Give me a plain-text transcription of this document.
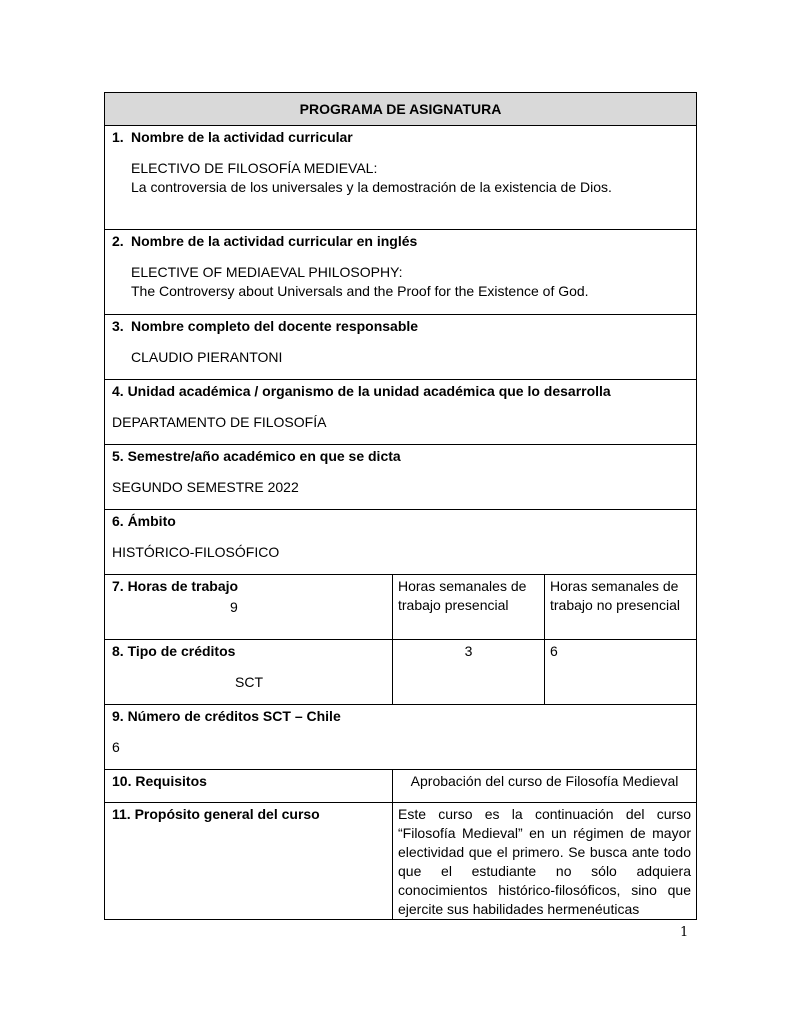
PROGRAMA DE ASIGNATURA		

1. Nombre de la actividad curricular
ELECTIVO DE FILOSOFÍA MEDIEVAL:
La controversia de los universales y la demostración de la existencia de Dios.		

2. Nombre de la actividad curricular en inglés
ELECTIVE OF MEDIAEVAL PHILOSOPHY:
The Controversy about Universals and the Proof for the Existence of God.		

3. Nombre completo del docente responsable
CLAUDIO PIERANTONI		

4. Unidad académica / organismo de la unidad académica que lo desarrolla
DEPARTAMENTO DE FILOSOFÍA		

5. Semestre/año académico en que se dicta
SEGUNDO SEMESTRE 2022		

6. Ámbito
HISTÓRICO-FILOSÓFICO		

7. Horas de trabajo
9	Horas semanales de trabajo presencial	Horas semanales de trabajo no presencial

8. Tipo de créditos
SCT	3	6

9. Número de créditos SCT – Chile
6		

10. Requisitos	Aprobación del curso de Filosofía Medieval	
11. Propósito general del curso	Este curso es la continuación del curso “Filosofía Medieval” en un régimen de mayor electividad que el primero. Se busca ante todo que el estudiante no sólo adquiera conocimientos histórico-filosóficos, sino que ejercite sus habilidades hermenéuticas	
1
